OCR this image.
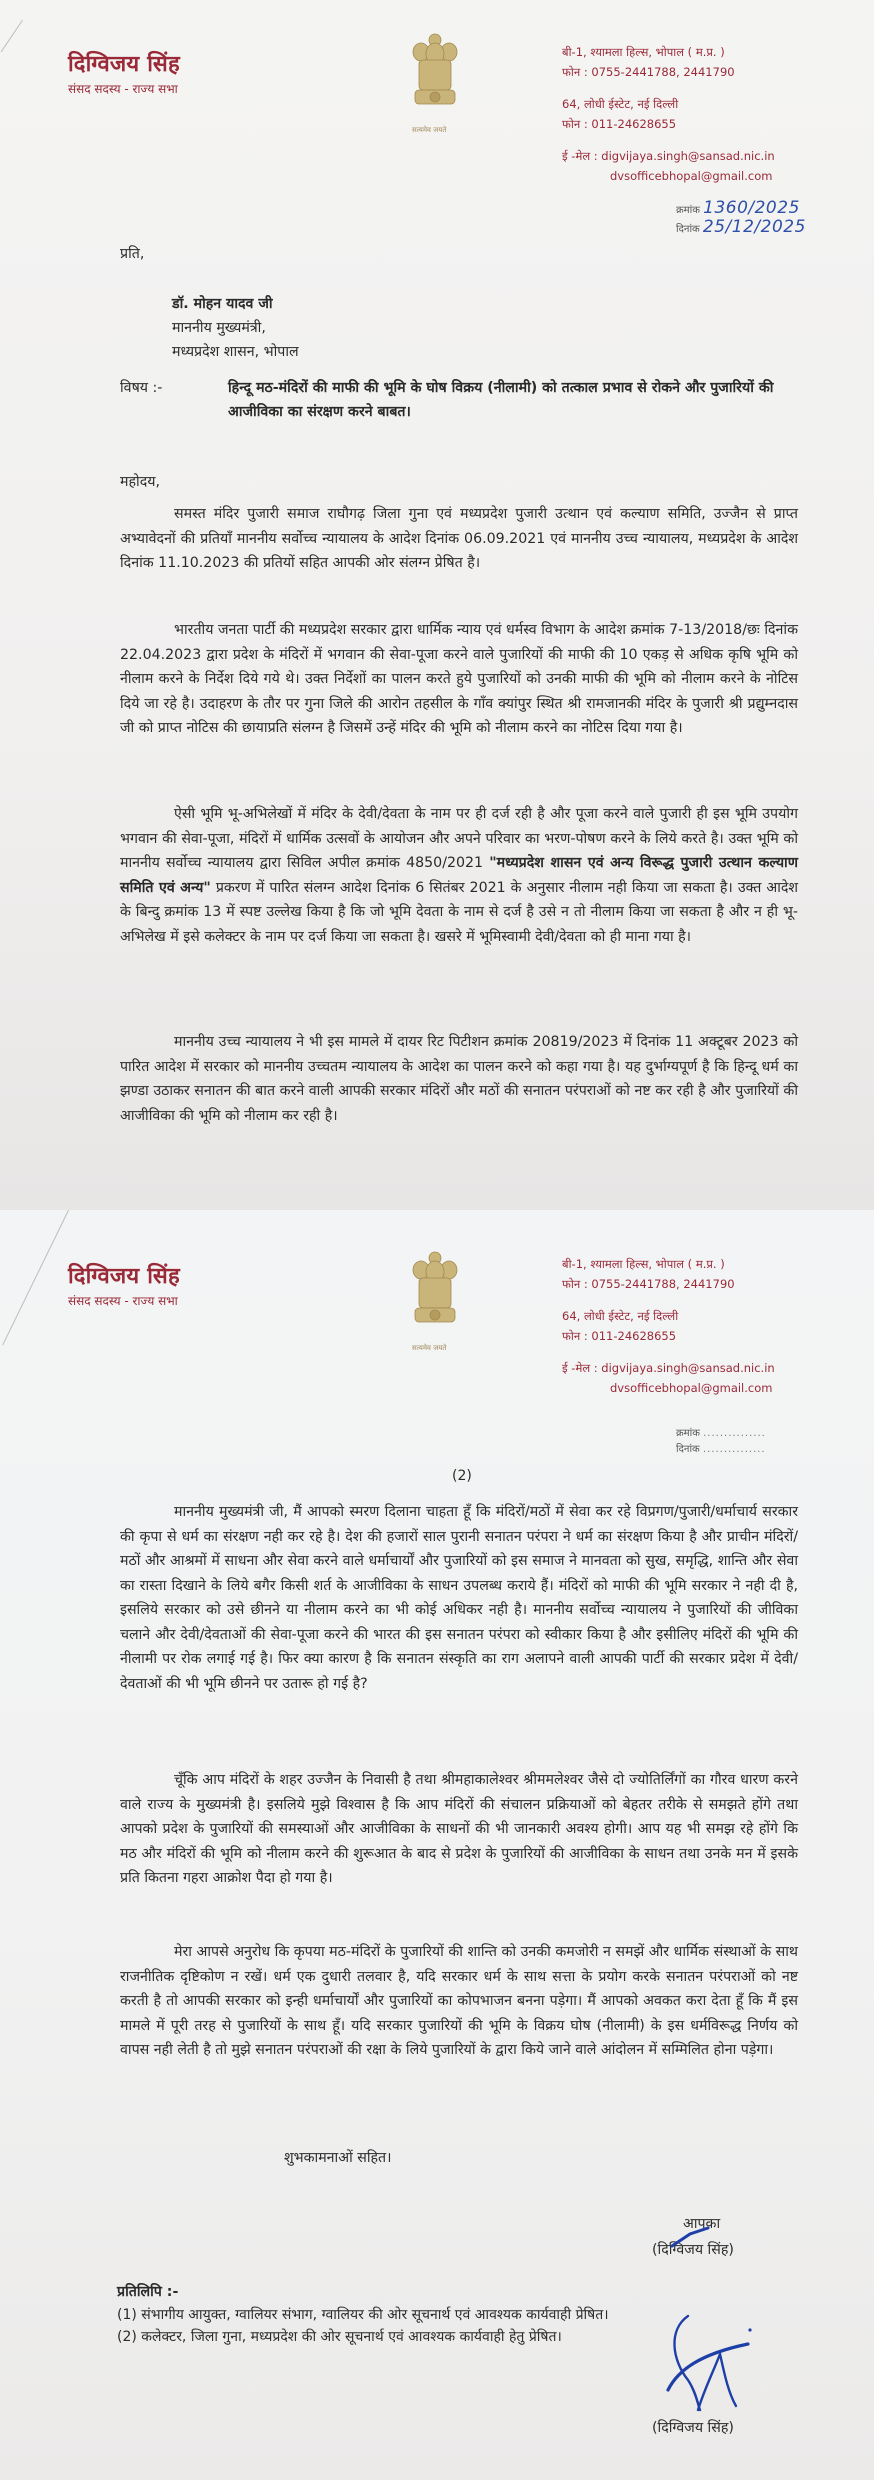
दिग्विजय सिंह
संसद सदस्य - राज्य सभा
सत्यमेव जयते
बी-1, श्यामला हिल्स, भोपाल ( म.प्र. )
फोन : 0755-2441788, 2441790
64, लोधी ईस्टेट, नई दिल्ली
फोन : 011-24628655
ई -मेल : digvijaya.singh@sansad.nic.in
dvsofficebhopal@gmail.com
क्रमांक 1360/2025
दिनांक 25/12/2025
प्रति,
डॉ. मोहन यादव जी
माननीय मुख्यमंत्री,
मध्यप्रदेश शासन, भोपाल
विषय :-	हिन्दू मठ-मंदिरों की माफी की भूमि के घोष विक्रय (नीलामी) को तत्काल प्रभाव से रोकने और पुजारियों की आजीविका का संरक्षण करने बाबत।
महोदय,
समस्त मंदिर पुजारी समाज राघौगढ़ जिला गुना एवं मध्यप्रदेश पुजारी उत्थान एवं कल्याण समिति, उज्जैन से प्राप्त अभ्यावेदनों की प्रतियॉं माननीय सर्वोच्च न्यायालय के आदेश दिनांक 06.09.2021 एवं माननीय उच्च न्यायालय, मध्यप्रदेश के आदेश दिनांक 11.10.2023 की प्रतियों सहित आपकी ओर संलग्न प्रेषित है।
भारतीय जनता पार्टी की मध्यप्रदेश सरकार द्वारा धार्मिक न्याय एवं धर्मस्व विभाग के आदेश क्रमांक 7-13/2018/छः दिनांक 22.04.2023 द्वारा प्रदेश के मंदिरों में भगवान की सेवा-पूजा करने वाले पुजारियों की माफी की 10 एकड़ से अधिक कृषि भूमि को नीलाम करने के निर्देश दिये गये थे। उक्त निर्देशों का पालन करते हुये पुजारियों को उनकी माफी की भूमि को नीलाम करने के नोटिस दिये जा रहे है। उदाहरण के तौर पर गुना जिले की आरोन तहसील के गॉंव क्यांपुर स्थित श्री रामजानकी मंदिर के पुजारी श्री प्रद्युम्नदास जी को प्राप्त नोटिस की छायाप्रति संलग्न है जिसमें उन्हें मंदिर की भूमि को नीलाम करने का नोटिस दिया गया है।
ऐसी भूमि भू-अभिलेखों में मंदिर के देवी/देवता के नाम पर ही दर्ज रही है और पूजा करने वाले पुजारी ही इस भूमि उपयोग भगवान की सेवा-पूजा, मंदिरों में धार्मिक उत्सवों के आयोजन और अपने परिवार का भरण-पोषण करने के लिये करते है। उक्त भूमि को माननीय सर्वोच्च न्यायालय द्वारा सिविल अपील क्रमांक 4850/2021 "मध्यप्रदेश शासन एवं अन्य विरूद्ध पुजारी उत्थान कल्याण समिति एवं अन्य" प्रकरण में पारित संलग्न आदेश दिनांक 6 सितंबर 2021 के अनुसार नीलाम नही किया जा सकता है। उक्त आदेश के बिन्दु क्रमांक 13 में स्पष्ट उल्लेख किया है कि जो भूमि देवता के नाम से दर्ज है उसे न तो नीलाम किया जा सकता है और न ही भू-अभिलेख में इसे कलेक्टर के नाम पर दर्ज किया जा सकता है। खसरे में भूमिस्वामी देवी/देवता को ही माना गया है।
माननीय उच्च न्यायालय ने भी इस मामले में दायर रिट पिटीशन क्रमांक 20819/2023 में दिनांक 11 अक्टूबर 2023 को पारित आदेश में सरकार को माननीय उच्चतम न्यायालय के आदेश का पालन करने को कहा गया है। यह दुर्भाग्यपूर्ण है कि हिन्दू धर्म का झण्डा उठाकर सनातन की बात करने वाली आपकी सरकार मंदिरों और मठों की सनातन परंपराओं को नष्ट कर रही है और पुजारियों की आजीविका की भूमि को नीलाम कर रही है।
दिग्विजय सिंह
संसद सदस्य - राज्य सभा
सत्यमेव जयते
बी-1, श्यामला हिल्स, भोपाल ( म.प्र. )
फोन : 0755-2441788, 2441790
64, लोधी ईस्टेट, नई दिल्ली
फोन : 011-24628655
ई -मेल : digvijaya.singh@sansad.nic.in
dvsofficebhopal@gmail.com
क्रमांक ...............
दिनांक ...............
(2)
माननीय मुख्यमंत्री जी, मैं आपको स्मरण दिलाना चाहता हूँ कि मंदिरों/मठों में सेवा कर रहे विप्रगण/पुजारी/धर्माचार्य सरकार की कृपा से धर्म का संरक्षण नही कर रहे है। देश की हजारों साल पुरानी सनातन परंपरा ने धर्म का संरक्षण किया है और प्राचीन मंदिरों/मठों और आश्रमों में साधना और सेवा करने वाले धर्माचार्यों और पुजारियों को इस समाज ने मानवता को सुख, समृद्धि, शान्ति और सेवा का रास्ता दिखाने के लिये बगैर किसी शर्त के आजीविका के साधन उपलब्ध कराये हैं। मंदिरों को माफी की भूमि सरकार ने नही दी है, इसलिये सरकार को उसे छीनने या नीलाम करने का भी कोई अधिकर नही है। माननीय सर्वोच्च न्यायालय ने पुजारियों की जीविका चलाने और देवी/देवताओं की सेवा-पूजा करने की भारत की इस सनातन परंपरा को स्वीकार किया है और इसीलिए मंदिरों की भूमि की नीलामी पर रोक लगाई गई है। फिर क्या कारण है कि सनातन संस्कृति का राग अलापने वाली आपकी पार्टी की सरकार प्रदेश में देवी/देवताओं की भी भूमि छीनने पर उतारू हो गई है?
चूँकि आप मंदिरों के शहर उज्जैन के निवासी है तथा श्रीमहाकालेश्वर श्रीममलेश्वर जैसे दो ज्योतिर्लिंगों का गौरव धारण करने वाले राज्य के मुख्यमंत्री है। इसलिये मुझे विश्वास है कि आप मंदिरों की संचालन प्रक्रियाओं को बेहतर तरीके से समझते होंगे तथा आपको प्रदेश के पुजारियों की समस्याओं और आजीविका के साधनों की भी जानकारी अवश्य होगी। आप यह भी समझ रहे होंगे कि मठ और मंदिरों की भूमि को नीलाम करने की शुरूआत के बाद से प्रदेश के पुजारियों की आजीविका के साधन तथा उनके मन में इसके प्रति कितना गहरा आक्रोश पैदा हो गया है।
मेरा आपसे अनुरोध कि कृपया मठ-मंदिरों के पुजारियों की शान्ति को उनकी कमजोरी न समझें और धार्मिक संस्थाओं के साथ राजनीतिक दृष्टिकोण न रखें। धर्म एक दुधारी तलवार है, यदि सरकार धर्म के साथ सत्ता के प्रयोग करके सनातन परंपराओं को नष्ट करती है तो आपकी सरकार को इन्ही धर्माचार्यों और पुजारियों का कोपभाजन बनना पड़ेगा। मैं आपको अवकत करा देता हूँ कि मैं इस मामले में पूरी तरह से पुजारियों के साथ हूँ। यदि सरकार पुजारियों की भूमि के विक्रय घोष (नीलामी) के इस धर्मविरूद्ध निर्णय को वापस नही लेती है तो मुझे सनातन परंपराओं की रक्षा के लिये पुजारियों के द्वारा किये जाने वाले आंदोलन में सम्मिलित होना पड़ेगा।
शुभकामनाओं सहित।
आपका
(दिग्विजय सिंह)
प्रतिलिपि :-
(1) संभागीय आयुक्त, ग्वालियर संभाग, ग्वालियर की ओर सूचनार्थ एवं आवश्यक कार्यवाही प्रेषित।
(2) कलेक्टर, जिला गुना, मध्यप्रदेश की ओर सूचनार्थ एवं आवश्यक कार्यवाही हेतु प्रेषित।
(दिग्विजय सिंह)
